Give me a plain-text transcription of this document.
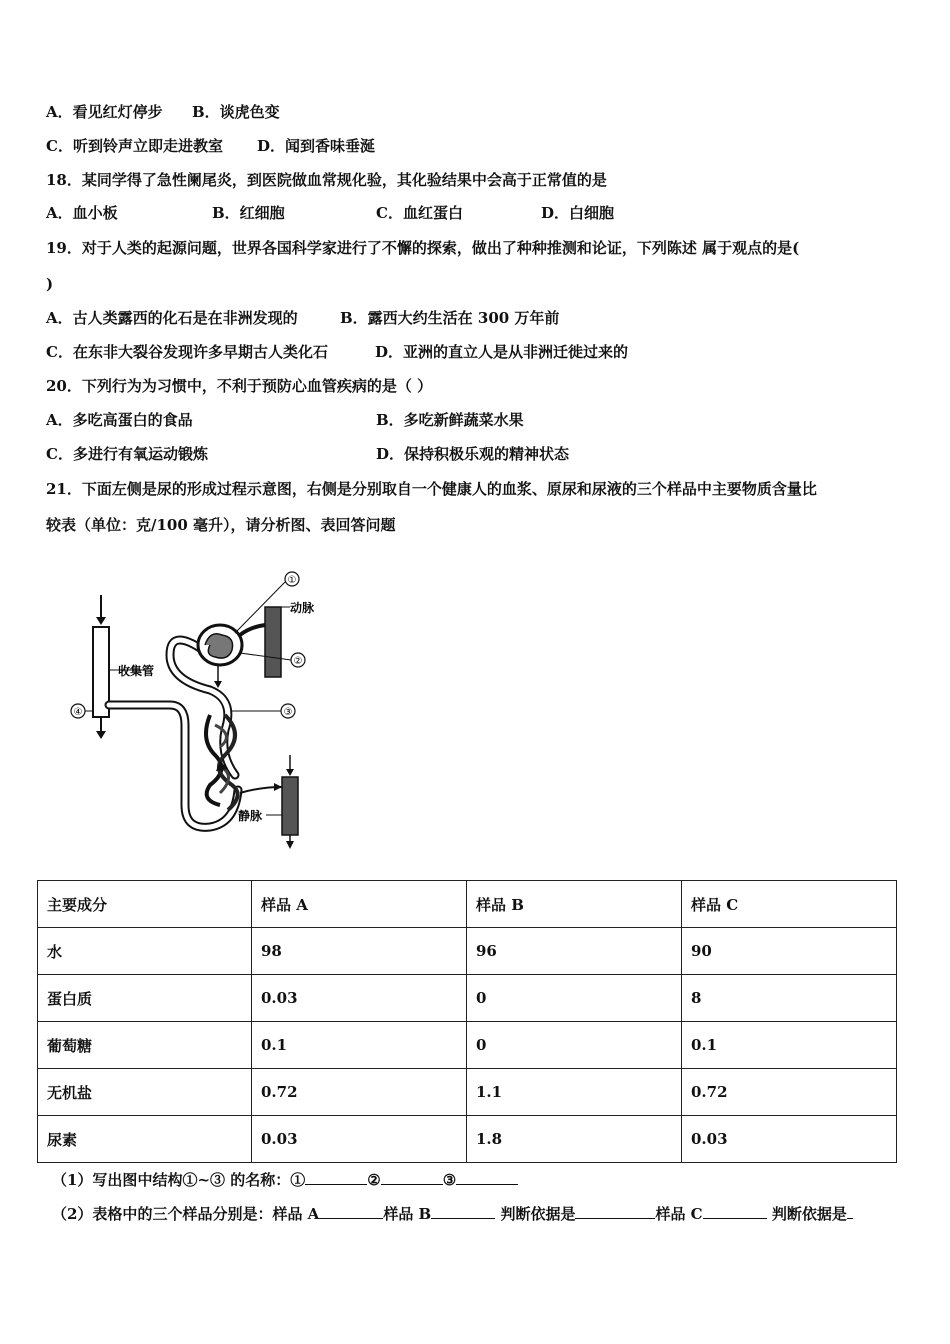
A．看见红灯停步 B．谈虎色变
C．听到铃声立即走进教室 D．闻到香味垂涎
18．某同学得了急性阑尾炎，到医院做血常规化验，其化验结果中会高于正常值的是
A．血小板	B．红细胞	C．血红蛋白	D．白细胞
19．对于人类的起源问题，世界各国科学家进行了不懈的探索，做出了种种推测和论证，下列陈述 属于观点的是(
)
A．古人类露西的化石是在非洲发现的	B．露西大约生活在 300 万年前
C．在东非大裂谷发现许多早期古人类化石	D．亚洲的直立人是从非洲迁徙过来的
20．下列行为为习惯中，不利于预防心血管疾病的是（ ）
A．多吃高蛋白的食品	B．多吃新鲜蔬菜水果
C．多进行有氧运动锻炼	D．保持积极乐观的精神状态
21．下面左侧是尿的形成过程示意图，右侧是分别取自一个健康人的血浆、原尿和尿液的三个样品中主要物质含量比
较表（单位：克/100 毫升），请分析图、表回答问题
收集管
④
动脉
①
②
③
静脉
主要成分	样品 A	样品 B	样品 C
水	98	96	90
蛋白质	0.03	0	8
葡萄糖	0.1	0	0.1
无机盐	0.72	1.1	0.72
尿素	0.03	1.8	0.03
（1）写出图中结构①~③ 的名称：①	②	③
（2）表格中的三个样品分别是：样品 A	样品 B	判断依据是	样品 C	判断依据是
